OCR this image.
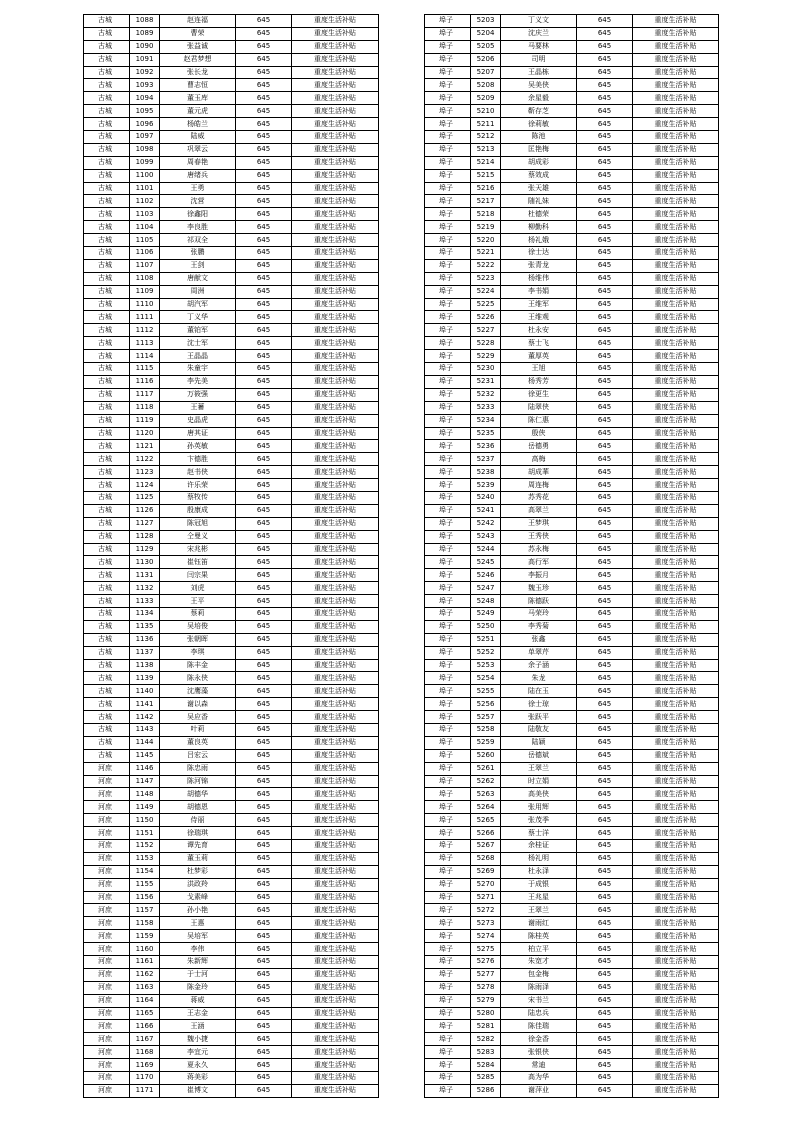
古城	1088	赵连福	645	重度生活补贴
古城	1089	曹荣	645	重度生活补贴
古城	1090	张益诚	645	重度生活补贴
古城	1091	赵君梦想	645	重度生活补贴
古城	1092	张长龙	645	重度生活补贴
古城	1093	曹志恒	645	重度生活补贴
古城	1094	董玉库	645	重度生活补贴
古城	1095	董元虎	645	重度生活补贴
古城	1096	杨皓兰	645	重度生活补贴
古城	1097	陆威	645	重度生活补贴
古城	1098	巩翠云	645	重度生活补贴
古城	1099	周春艳	645	重度生活补贴
古城	1100	唐绪兵	645	重度生活补贴
古城	1101	王勇	645	重度生活补贴
古城	1102	沈营	645	重度生活补贴
古城	1103	徐鑫阳	645	重度生活补贴
古城	1104	李良胜	645	重度生活补贴
古城	1105	祁双全	645	重度生活补贴
古城	1106	张鹏	645	重度生活补贴
古城	1107	王剑	645	重度生活补贴
古城	1108	唐献文	645	重度生活补贴
古城	1109	周洲	645	重度生活补贴
古城	1110	胡汽军	645	重度生活补贴
古城	1111	丁义华	645	重度生活补贴
古城	1112	董铂军	645	重度生活补贴
古城	1113	沈士军	645	重度生活补贴
古城	1114	王晶晶	645	重度生活补贴
古城	1115	朱童宇	645	重度生活补贴
古城	1116	李先美	645	重度生活补贴
古城	1117	万筱强	645	重度生活补贴
古城	1118	王蓄	645	重度生活补贴
古城	1119	史晶虎	645	重度生活补贴
古城	1120	唐其证	645	重度生活补贴
古城	1121	孙英敏	645	重度生活补贴
古城	1122	卞德胜	645	重度生活补贴
古城	1123	赵书侠	645	重度生活补贴
古城	1124	许乐荣	645	重度生活补贴
古城	1125	蔡牧传	645	重度生活补贴
古城	1126	殷康成	645	重度生活补贴
古城	1127	陈冠旭	645	重度生活补贴
古城	1128	仝曼义	645	重度生活补贴
古城	1129	宋兆彬	645	重度生活补贴
古城	1130	崔钰笛	645	重度生活补贴
古城	1131	闫宗果	645	重度生活补贴
古城	1132	刘虎	645	重度生活补贴
古城	1133	王平	645	重度生活补贴
古城	1134	蔡莉	645	重度生活补贴
古城	1135	吴培俊	645	重度生活补贴
古城	1136	张朝晖	645	重度生活补贴
古城	1137	李琪	645	重度生活补贴
古城	1138	陈丰金	645	重度生活补贴
古城	1139	陈永侠	645	重度生活补贴
古城	1140	沈鹰藻	645	重度生活补贴
古城	1141	谢以森	645	重度生活补贴
古城	1142	吴应香	645	重度生活补贴
古城	1143	叶莉	645	重度生活补贴
古城	1144	董良英	645	重度生活补贴
古城	1145	吕宏云	645	重度生活补贴
河庶	1146	陈忠雨	645	重度生活补贴
河庶	1147	陈河锦	645	重度生活补贴
河庶	1148	胡德华	645	重度生活补贴
河庶	1149	胡德恩	645	重度生活补贴
河庶	1150	侍丽	645	重度生活补贴
河庶	1151	徐瑞琪	645	重度生活补贴
河庶	1152	谭先育	645	重度生活补贴
河庶	1153	董玉莉	645	重度生活补贴
河庶	1154	杜梦彩	645	重度生活补贴
河庶	1155	洪政羚	645	重度生活补贴
河庶	1156	戈素峰	645	重度生活补贴
河庶	1157	孙小艳	645	重度生活补贴
河庶	1158	王惠	645	重度生活补贴
河庶	1159	吴培军	645	重度生活补贴
河庶	1160	李伟	645	重度生活补贴
河庶	1161	朱新辉	645	重度生活补贴
河庶	1162	于士河	645	重度生活补贴
河庶	1163	陈金玲	645	重度生活补贴
河庶	1164	蒋威	645	重度生活补贴
河庶	1165	王志金	645	重度生活补贴
河庶	1166	王涵	645	重度生活补贴
河庶	1167	魏小捷	645	重度生活补贴
河庶	1168	李宜元	645	重度生活补贴
河庶	1169	夏永久	645	重度生活补贴
河庶	1170	蒋美彩	645	重度生活补贴
河庶	1171	崔博文	645	重度生活补贴
埠子	5203	丁义文	645	重度生活补贴
埠子	5204	沈庆兰	645	重度生活补贴
埠子	5205	马要林	645	重度生活补贴
埠子	5206	司明	645	重度生活补贴
埠子	5207	王晶栋	645	重度生活补贴
埠子	5208	吴美侠	645	重度生活补贴
埠子	5209	余星毅	645	重度生活补贴
埠子	5210	靳存芝	645	重度生活补贴
埠子	5211	徐莉敏	645	重度生活补贴
埠子	5212	陈池	645	重度生活补贴
埠子	5213	匡艳梅	645	重度生活补贴
埠子	5214	胡成彩	645	重度生活补贴
埠子	5215	蔡效成	645	重度生活补贴
埠子	5216	张天雄	645	重度生活补贴
埠子	5217	随礼妹	645	重度生活补贴
埠子	5218	杜德荣	645	重度生活补贴
埠子	5219	柳勤科	645	重度生活补贴
埠子	5220	杨礼娥	645	重度生活补贴
埠子	5221	徐士达	645	重度生活补贴
埠子	5222	张青龙	645	重度生活补贴
埠子	5223	杨维伟	645	重度生活补贴
埠子	5224	李书娟	645	重度生活补贴
埠子	5225	王维军	645	重度生活补贴
埠子	5226	王维观	645	重度生活补贴
埠子	5227	杜永安	645	重度生活补贴
埠子	5228	蔡士飞	645	重度生活补贴
埠子	5229	董厚英	645	重度生活补贴
埠子	5230	王旭	645	重度生活补贴
埠子	5231	杨秀芳	645	重度生活补贴
埠子	5232	徐更生	645	重度生活补贴
埠子	5233	陆翠侠	645	重度生活补贴
埠子	5234	陈仁惠	645	重度生活补贴
埠子	5235	殷侠	645	重度生活补贴
埠子	5236	岳德勇	645	重度生活补贴
埠子	5237	高梅	645	重度生活补贴
埠子	5238	胡成華	645	重度生活补贴
埠子	5239	周连梅	645	重度生活补贴
埠子	5240	苏秀花	645	重度生活补贴
埠子	5241	高翠兰	645	重度生活补贴
埠子	5242	王梦琪	645	重度生活补贴
埠子	5243	王秀侠	645	重度生活补贴
埠子	5244	苏永梅	645	重度生活补贴
埠子	5245	高行军	645	重度生活补贴
埠子	5246	李振月	645	重度生活补贴
埠子	5247	魏玉珍	645	重度生活补贴
埠子	5248	陈德跃	645	重度生活补贴
埠子	5249	马荣玲	645	重度生活补贴
埠子	5250	李秀菊	645	重度生活补贴
埠子	5251	张鑫	645	重度生活补贴
埠子	5252	单翠芹	645	重度生活补贴
埠子	5253	余子涵	645	重度生活补贴
埠子	5254	朱龙	645	重度生活补贴
埠子	5255	陆在玉	645	重度生活补贴
埠子	5256	徐士琼	645	重度生活补贴
埠子	5257	张跃平	645	重度生活补贴
埠子	5258	陆敬友	645	重度生活补贴
埠子	5259	陆颖	645	重度生活补贴
埠子	5260	岳德斌	645	重度生活补贴
埠子	5261	王翠兰	645	重度生活补贴
埠子	5262	时立娟	645	重度生活补贴
埠子	5263	高美侠	645	重度生活补贴
埠子	5264	张用辉	645	重度生活补贴
埠子	5265	张茂季	645	重度生活补贴
埠子	5266	蔡士洋	645	重度生活补贴
埠子	5267	余桂证	645	重度生活补贴
埠子	5268	杨礼明	645	重度生活补贴
埠子	5269	杜永泽	645	重度生活补贴
埠子	5270	于成银	645	重度生活补贴
埠子	5271	王兆星	645	重度生活补贴
埠子	5272	王翠兰	645	重度生活补贴
埠子	5273	谢雨红	645	重度生活补贴
埠子	5274	陈桂英	645	重度生活补贴
埠子	5275	柏立平	645	重度生活补贴
埠子	5276	朱宽才	645	重度生活补贴
埠子	5277	包金梅	645	重度生活补贴
埠子	5278	陈雨泽	645	重度生活补贴
埠子	5279	宋书兰	645	重度生活补贴
埠子	5280	陆忠兵	645	重度生活补贴
埠子	5281	陈佳瑞	645	重度生活补贴
埠子	5282	徐金香	645	重度生活补贴
埠子	5283	张银侠	645	重度生活补贴
埠子	5284	常迪	645	重度生活补贴
埠子	5285	高为华	645	重度生活补贴
埠子	5286	谢萍业	645	重度生活补贴
